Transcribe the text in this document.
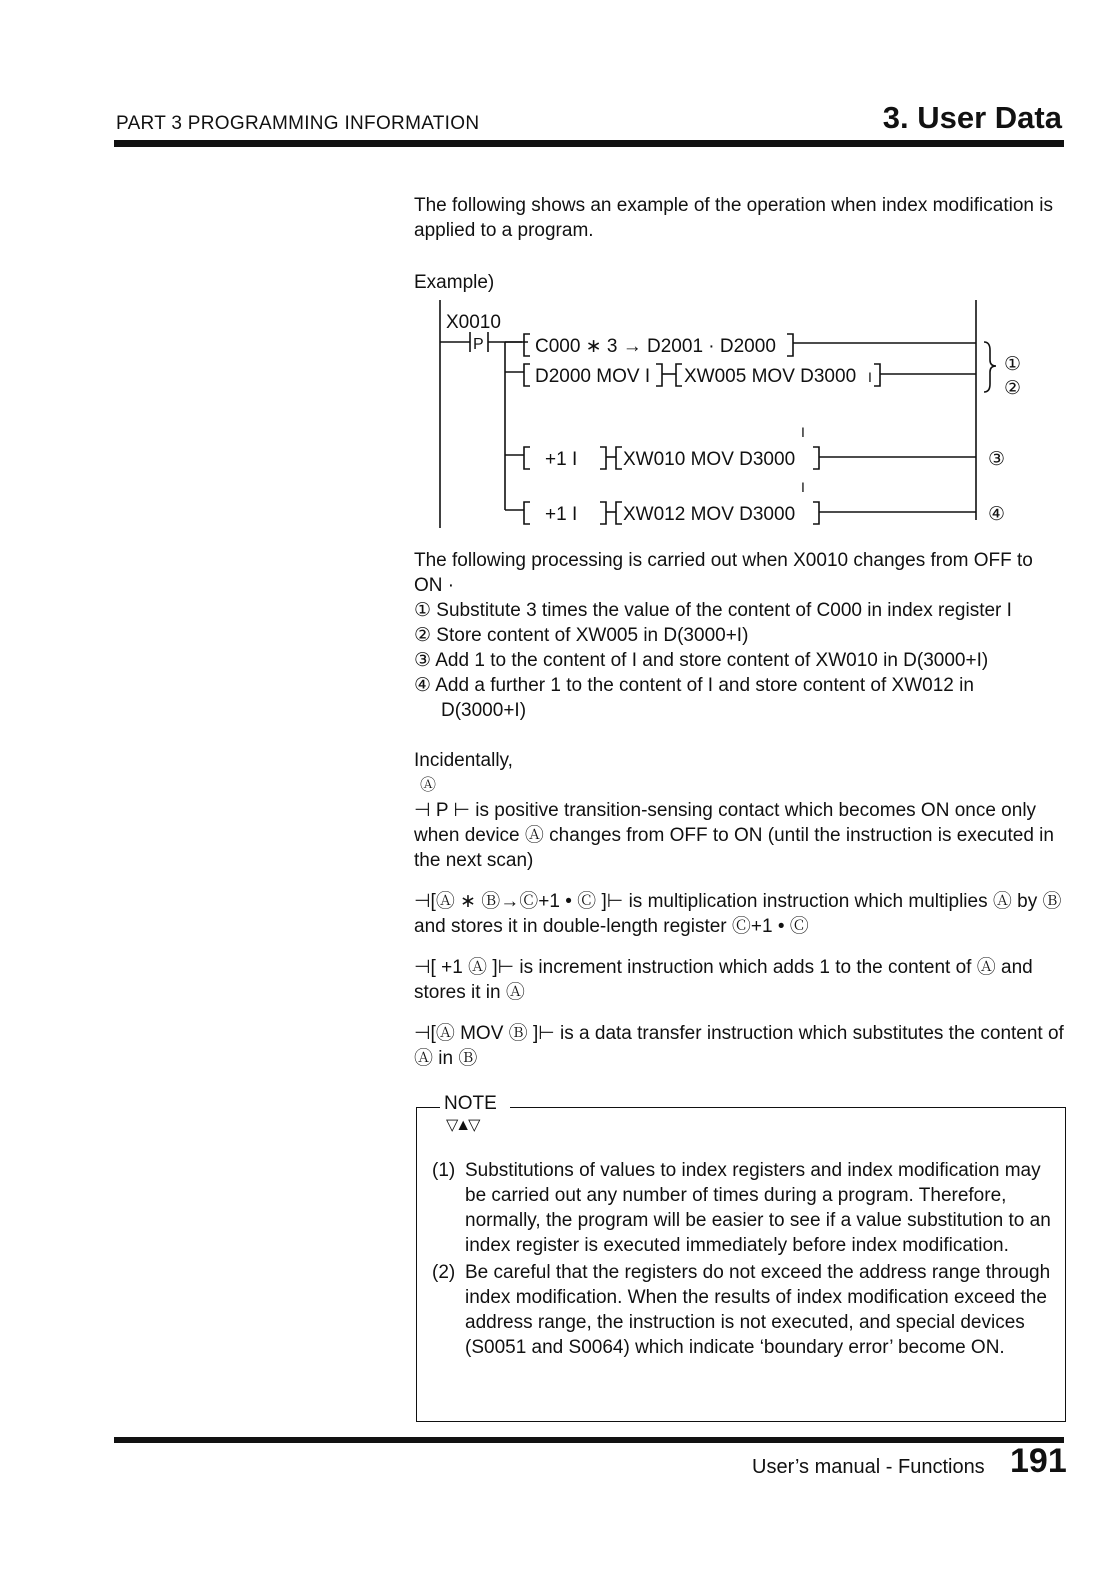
PART 3 PROGRAMMING INFORMATION	3. User Data
The following shows an example of the operation when index modification is applied to a program.
Example)
X0010
P	C000 ∗ 3 → D2001 · D2000
I
D2000 MOV I XW005 MOV D3000
I
+1 I XW010 MOV D3000
I
+1 I XW012 MOV D3000
①
②
③
④
The following processing is carried out when X0010 changes from OFF to ON ·
① Substitute 3 times the value of the content of C000 in index register I
② Store content of XW005 in D(3000+I)
③ Add 1 to the content of I and store content of XW010 in D(3000+I)
④ Add a further 1 to the content of I and store content of XW012 in
D(3000+I)
Incidentally,
Ⓐ

⊣ P ⊢ is positive transition-sensing contact which becomes ON once only when device Ⓐ changes from OFF to ON (until the instruction is executed in the next scan)

⊣[Ⓐ ∗ Ⓑ→Ⓒ+1 • Ⓒ ]⊢ is multiplication instruction which multiplies Ⓐ by Ⓑ and stores it in double-length register Ⓒ+1 • Ⓒ

⊣[ +1 Ⓐ ]⊢ is increment instruction which adds 1 to the content of Ⓐ and stores it in Ⓐ

⊣[Ⓐ MOV Ⓑ ]⊢ is a data transfer instruction which substitutes the content of Ⓐ in Ⓑ

NOTE
▽▲▽
(1) Substitutions of values to index registers and index modification may be carried out any number of times during a program. Therefore, normally, the program will be easier to see if a value substitution to an index register is executed immediately before index modification.
(2) Be careful that the registers do not exceed the address range through index modification. When the results of index modification exceed the address range, the instruction is not executed, and special devices (S0051 and S0064) which indicate ‘boundary error’ become ON.
User’s manual - Functions 191
